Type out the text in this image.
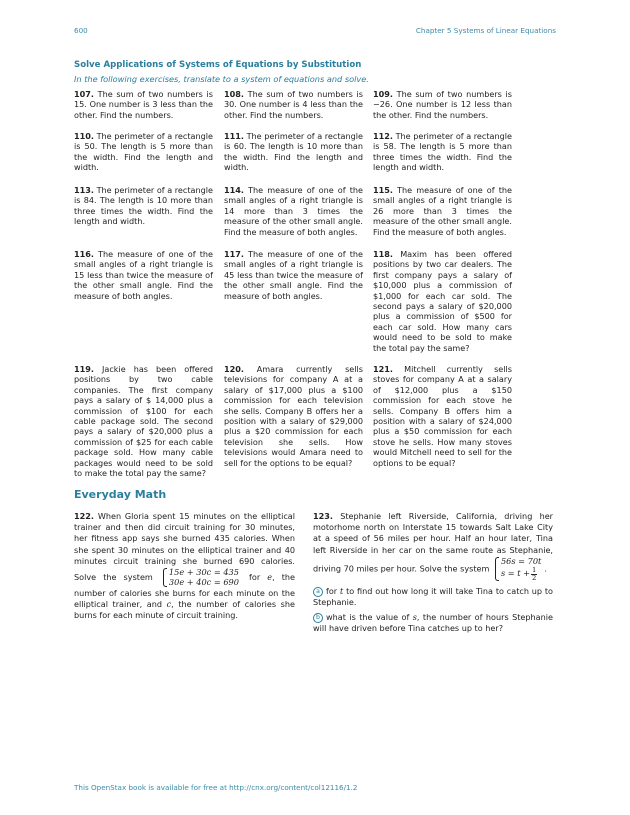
600	Chapter 5 Systems of Linear Equations
Solve Applications of Systems of Equations by Substitution
In the following exercises, translate to a system of equations and solve.
107. The sum of two numbers is 15. One number is 3 less than the other. Find the numbers.
108. The sum of two numbers is 30. One number is 4 less than the other. Find the numbers.
109. The sum of two numbers is −26. One number is 12 less than the other. Find the numbers.
110. The perimeter of a rectangle is 50. The length is 5 more than the width. Find the length and width.
111. The perimeter of a rectangle is 60. The length is 10 more than the width. Find the length and width.
112. The perimeter of a rectangle is 58. The length is 5 more than three times the width. Find the length and width.
113. The perimeter of a rectangle is 84. The length is 10 more than three times the width. Find the length and width.
114. The measure of one of the small angles of a right triangle is 14 more than 3 times the measure of the other small angle. Find the measure of both angles.
115. The measure of one of the small angles of a right triangle is 26 more than 3 times the measure of the other small angle. Find the measure of both angles.
116. The measure of one of the small angles of a right triangle is 15 less than twice the measure of the other small angle. Find the measure of both angles.
117. The measure of one of the small angles of a right triangle is 45 less than twice the measure of the other small angle. Find the measure of both angles.
118. Maxim has been offered positions by two car dealers. The first company pays a salary of $10,000 plus a commission of $1,000 for each car sold. The second pays a salary of $20,000 plus a commission of $500 for each car sold. How many cars would need to be sold to make the total pay the same?
119. Jackie has been offered positions by two cable companies. The first company pays a salary of $ 14,000 plus a commission of $100 for each cable package sold. The second pays a salary of $20,000 plus a commission of $25 for each cable package sold. How many cable packages would need to be sold to make the total pay the same?
120. Amara currently sells televisions for company A at a salary of $17,000 plus a $100 commission for each television she sells. Company B offers her a position with a salary of $29,000 plus a $20 commission for each television she sells. How televisions would Amara need to sell for the options to be equal?
121. Mitchell currently sells stoves for company A at a salary of $12,000 plus a $150 commission for each stove he sells. Company B offers him a position with a salary of $24,000 plus a $50 commission for each stove he sells. How many stoves would Mitchell need to sell for the options to be equal?
Everyday Math
122. When Gloria spent 15 minutes on the elliptical trainer and then did circuit training for 30 minutes, her fitness app says she burned 435 calories. When she spent 30 minutes on the elliptical trainer and 40 minutes circuit training she burned 690 calories. Solve the system 15e + 30c = 435
30e + 40c = 690
for e, the number of calories she burns for each minute on the elliptical trainer, and c, the number of calories she burns for each minute of circuit training.
123. Stephanie left Riverside, California, driving her motorhome north on Interstate 15 towards Salt Lake City at a speed of 56 miles per hour. Half an hour later, Tina left Riverside in her car on the same route as Stephanie, driving 70 miles per hour. Solve the system
56s = 70t
$s = t + \frac{1}{2}$ .
a for t to find out how long it will take Tina to catch up to Stephanie.
b what is the value of s, the number of hours Stephanie will have driven before Tina catches up to her?
This OpenStax book is available for free at http://cnx.org/content/col12116/1.2
